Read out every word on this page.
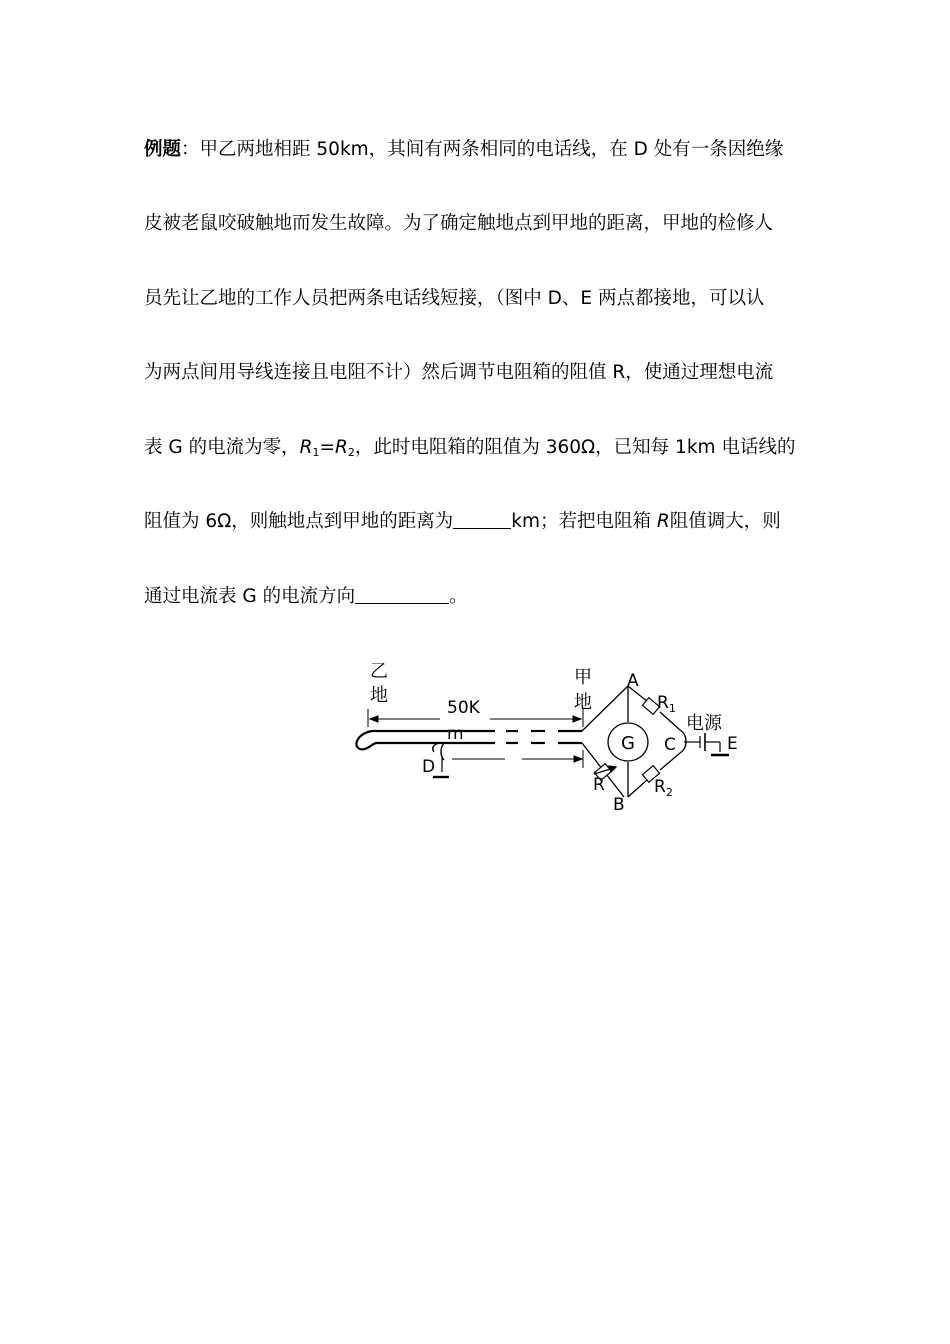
例题：甲乙两地相距 50km，其间有两条相同的电话线，在 D 处有一条因绝缘
皮被老鼠咬破触地而发生故障。为了确定触地点到甲地的距离，甲地的检修人
员先让乙地的工作人员把两条电话线短接，（图中 D、E 两点都接地，可以认
为两点间用导线连接且电阻不计）然后调节电阻箱的阻值 R，使通过理想电流
表 G 的电流为零，$R_1=R_2$，此时电阻箱的阻值为 360Ω，已知每 1km 电话线的
阻值为 6Ω，则触地点到甲地的距离为	km；若把电阻箱 R阻值调大，则
通过电流表 G 的电流方向	。
乙
地
甲
地
50K
m
D
G
A
B
C	E
R
$R_1$
$R_2$
电源
